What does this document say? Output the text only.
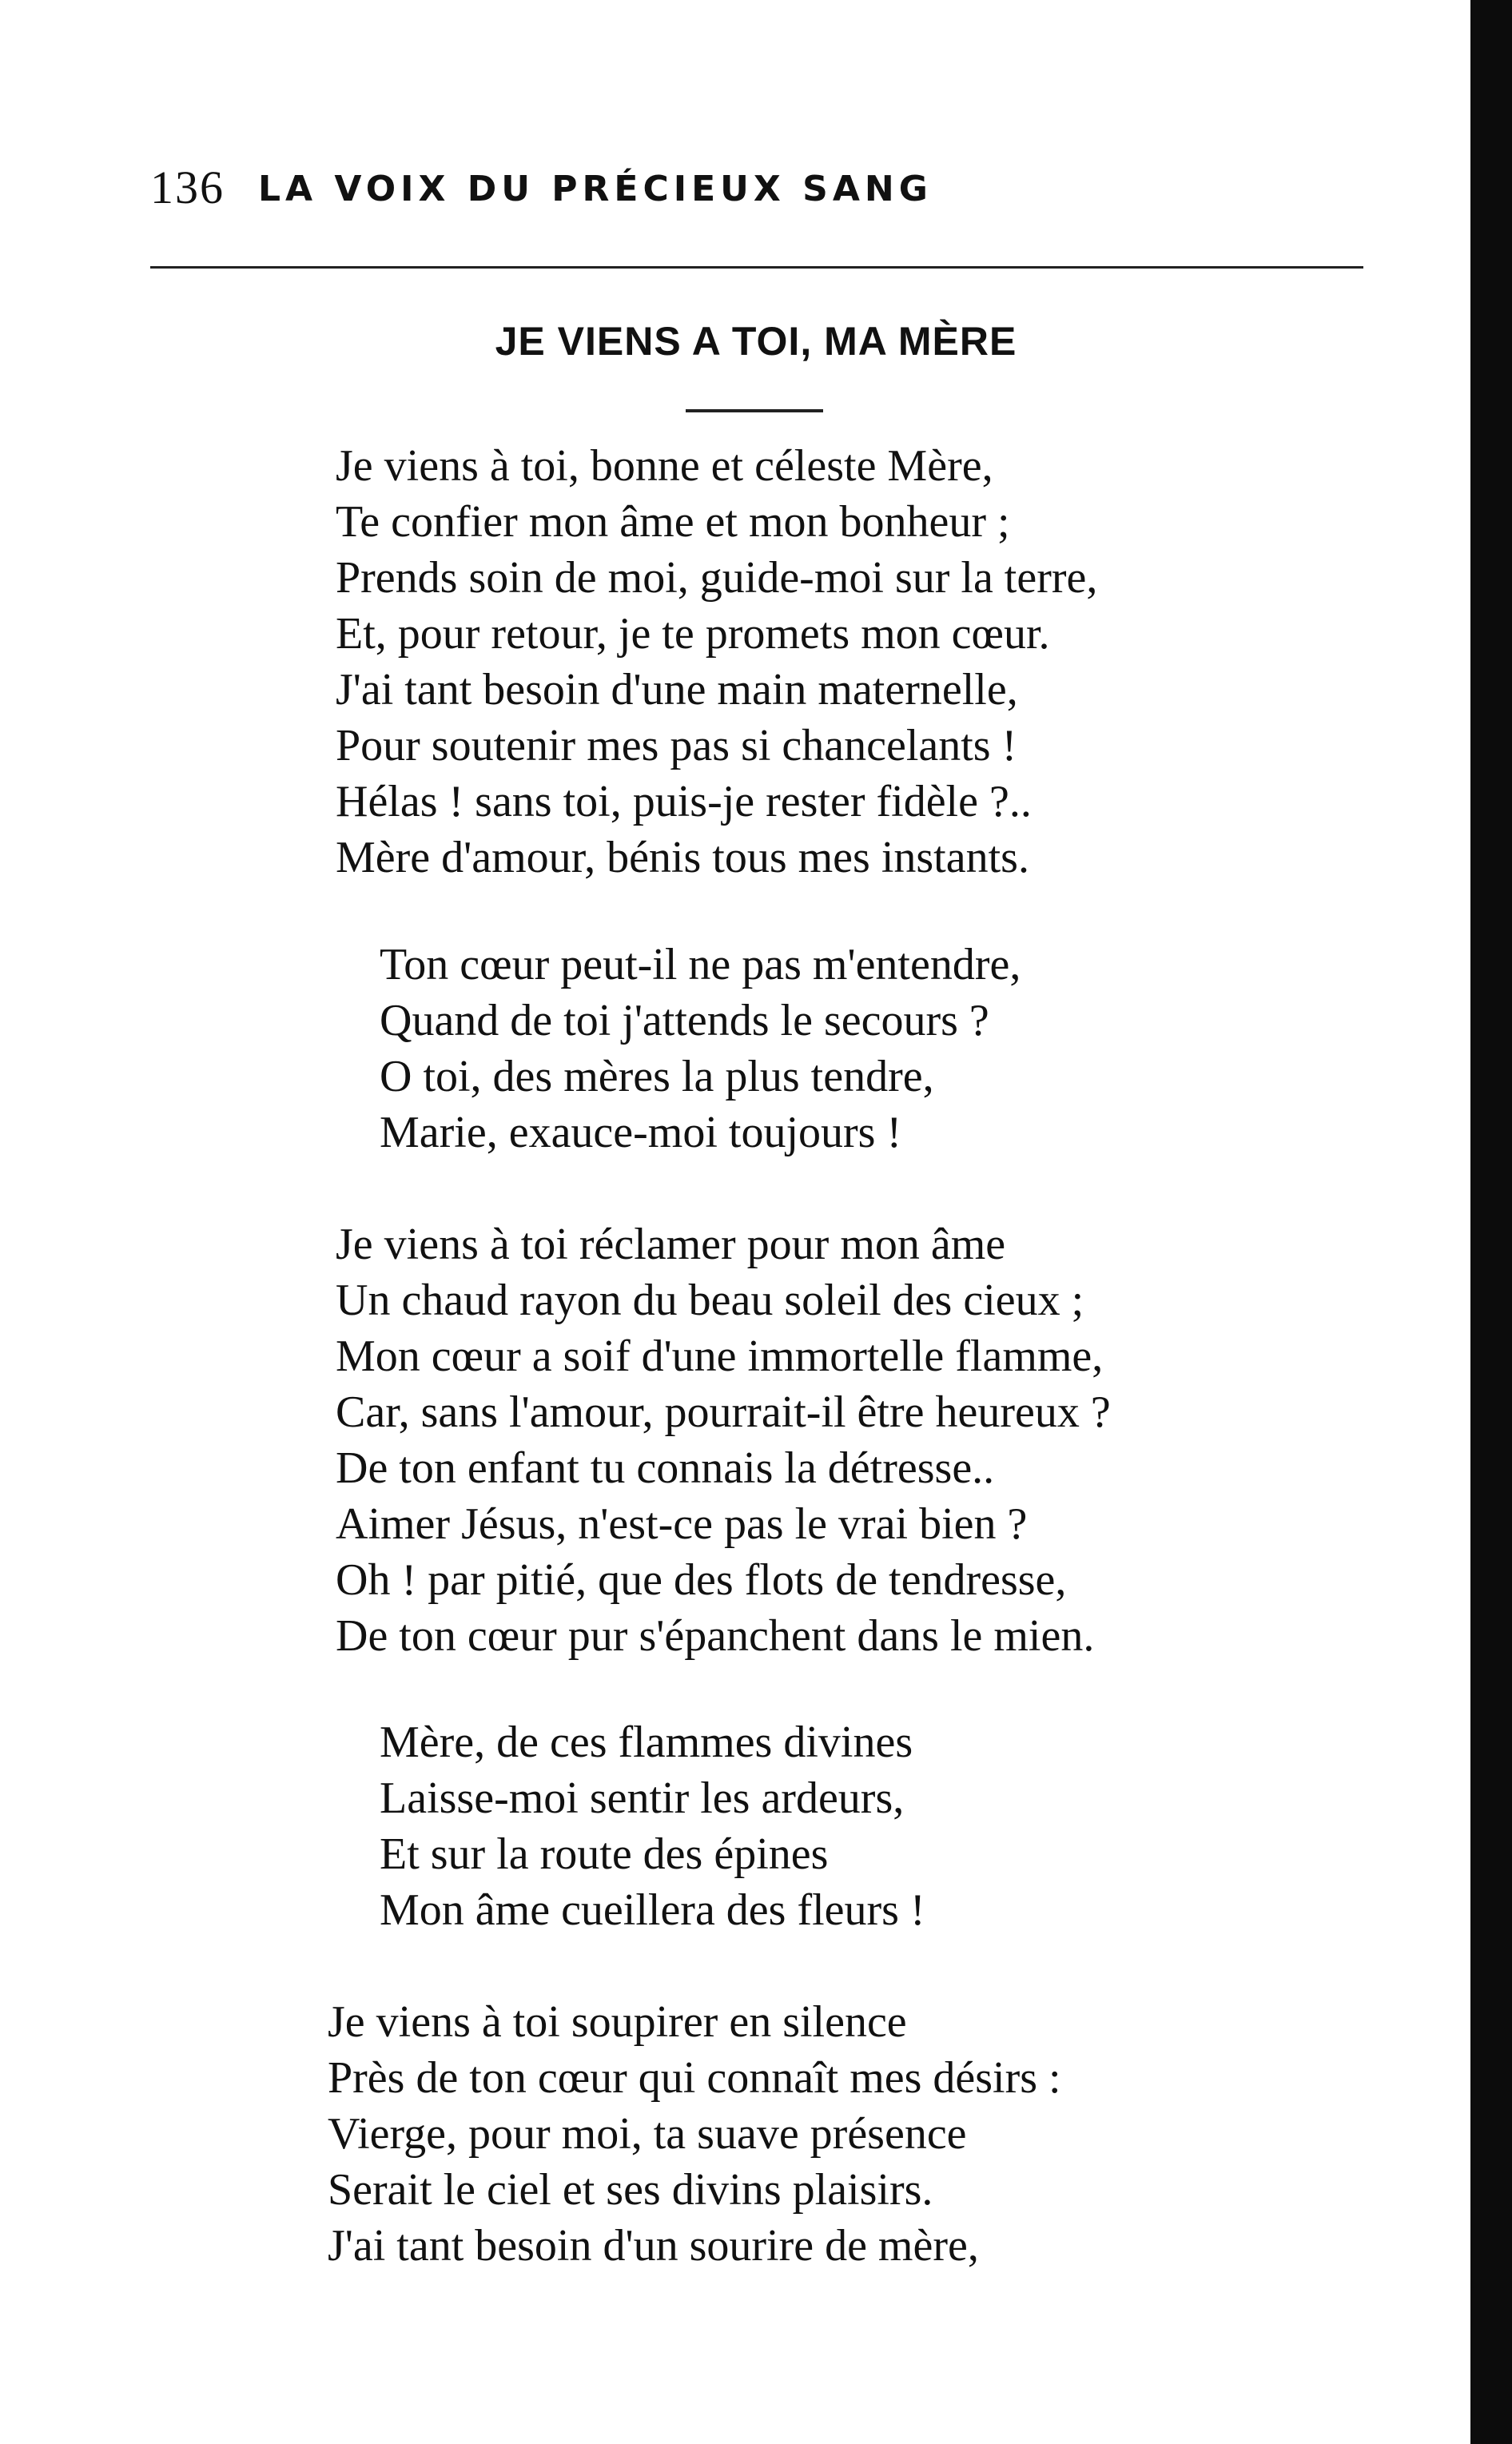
136 LA VOIX DU PRÉCIEUX SANG
JE VIENS A TOI, MA MÈRE
Je viens à toi, bonne et céleste Mère,
Te confier mon âme et mon bonheur ;
Prends soin de moi, guide-moi sur la terre,
Et, pour retour, je te promets mon cœur.
J'ai tant besoin d'une main maternelle,
Pour soutenir mes pas si chancelants !
Hélas ! sans toi, puis-je rester fidèle ?..
Mère d'amour, bénis tous mes instants.
Ton cœur peut-il ne pas m'entendre,
Quand de toi j'attends le secours ?
O toi, des mères la plus tendre,
Marie, exauce-moi toujours !
Je viens à toi réclamer pour mon âme
Un chaud rayon du beau soleil des cieux ;
Mon cœur a soif d'une immortelle flamme,
Car, sans l'amour, pourrait-il être heureux ?
De ton enfant tu connais la détresse..
Aimer Jésus, n'est-ce pas le vrai bien ?
Oh ! par pitié, que des flots de tendresse,
De ton cœur pur s'épanchent dans le mien.
Mère, de ces flammes divines
Laisse-moi sentir les ardeurs,
Et sur la route des épines
Mon âme cueillera des fleurs !
Je viens à toi soupirer en silence
Près de ton cœur qui connaît mes désirs :
Vierge, pour moi, ta suave présence
Serait le ciel et ses divins plaisirs.
J'ai tant besoin d'un sourire de mère,
